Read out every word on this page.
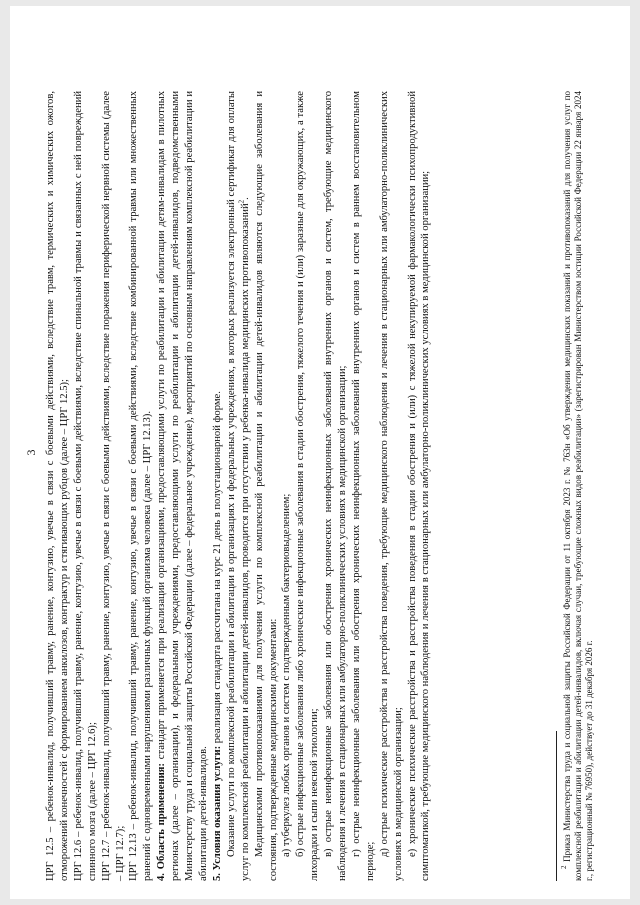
3 ЦРГ 12.5 – ребенок-инвалид, получивший травму, ранение, контузию, увечье в связи с боевыми действиями, вследствие травм, термических и химических ожогов, отморожений конечностей с формированием анкилозов, контрактур и стягивающих рубцов (далее – ЦРГ 12.5); ЦРГ 12.6 – ребенок-инвалид, получивший травму, ранение, контузию, увечье в связи с боевыми действиями, вследствие спинальной травмы и связанных с ней повреждений спинного мозга (далее – ЦРГ 12.6); ЦРГ 12.7 – ребенок-инвалид, получивший травму, ранение, контузию, увечье в связи с боевыми действиями, вследствие поражения периферической нервной системы (далее – ЦРГ 12.7); ЦРГ 12.13 – ребенок-инвалид, получивший травму, ранение, контузию, увечье в связи с боевыми действиями, вследствие комбинированной травмы или множественных ранений с одновременными нарушениями различных функций организма человека (далее – ЦРГ 12.13). 4. Область применения: стандарт применяется при реализации организациями, предоставляющими услуги по реабилитации и абилитации детям-инвалидам в пилотных регионах (далее – организации), и федеральными учреждениями, предоставляющими услуги по реабилитации и абилитации детей-инвалидов, подведомственными Министерству труда и социальной защиты Российской Федерации (далее – федеральное учреждение), мероприятий по основным направлениям комплексной реабилитации и абилитации детей-инвалидов. 5. Условия оказания услуги: реализация стандарта рассчитана на курс 21 день в полустационарной форме. Оказание услуги по комплексной реабилитации и абилитации в организациях и федеральных учреждениях, в которых реализуется электронный сертификат для оплаты услуг по комплексной реабилитации и абилитации детей-инвалидов, проводится при отсутствии у ребенка-инвалида медицинских противопоказаний$^2$. Медицинскими противопоказаниями для получения услуги по комплексной реабилитации и абилитации детей-инвалидов являются следующие заболевания и состояния, подтвержденные медицинскими документами: а) туберкулез любых органов и систем с подтвержденным бактериовыделением; б) острые инфекционные заболевания либо хронические инфекционные заболевания в стадии обострения, тяжелого течения и (или) заразные для окружающих, а также лихорадки и сыпи неясной этиологии; в) острые неинфекционные заболевания или обострения хронических неинфекционных заболеваний внутренних органов и систем, требующие медицинского наблюдения и лечения в стационарных или амбулаторно-поликлинических условиях в медицинской организации; г) острые неинфекционные заболевания или обострения хронических неинфекционных заболеваний внутренних органов и систем в раннем восстановительном периоде;

д) острые психические расстройства и расстройства поведения, требующие медицинского наблюдения и лечения в стационарных или амбулаторно-поликлинических условиях в медицинской организации; е) хронические психические расстройства и расстройства поведения в стадии обострения и (или) с тяжелой некупируемой фармакологически психопродуктивной симптоматикой, требующие медицинского наблюдения и лечения в стационарных или амбулаторно-поликлинических условиях в медицинской организации;	$^2$ Приказ Министерства труда и социальной защиты Российской Федерации от 11 октября 2023 г. № 763н «Об утверждении медицинских показаний и противопоказаний для получения услуг по комплексной реабилитации и абилитации детей-инвалидов, включая случаи, требующие сложных видов реабилитации» (зарегистрирован Министерством юстиции Российской Федерации 22 января 2024 г., регистрационный № 76950), действует до 31 декабря 2026 г.
